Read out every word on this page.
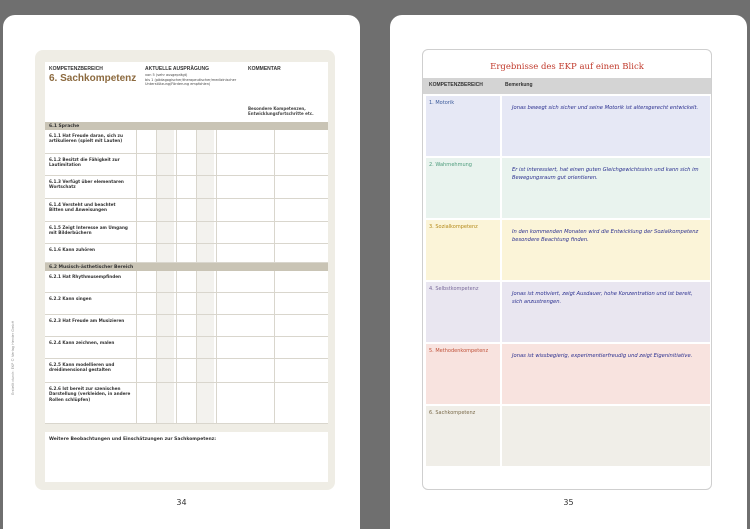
Erstellt durch: EKP © Verlag Herder GmbH
KOMPETENZBEREICH
6. Sachkompetenz
AKTUELLE AUSPRÄGUNG
von 5 (sehr ausgeprägt)
bis 1 (pädagogischer/therapeutischer/medizinischer Unterstützung/Förderung empfohlen)
KOMMENTAR
Besondere Kompetenzen, Entwicklungsfortschritte etc.
6.1 Sprache
6.1.1 Hat Freude daran, sich zu artikulieren (spielt mit Lauten)
6.1.2 Besitzt die Fähigkeit zur Lautimitation
6.1.3 Verfügt über elementaren Wortschatz
6.1.4 Versteht und beachtet Bitten und Anweisungen
6.1.5 Zeigt Interesse am Umgang mit Bilderbüchern
6.1.6 Kann zuhören
6.2 Musisch-ästhetischer Bereich
6.2.1 Hat Rhythmusempfinden
6.2.2 Kann singen
6.2.3 Hat Freude am Musizieren
6.2.4 Kann zeichnen, malen
6.2.5 Kann modellieren und dreidimensional gestalten
6.2.6 Ist bereit zur szenischen Darstellung (verkleiden, in andere Rollen schlüpfen)
Weitere Beobachtungen und Einschätzungen zur Sachkompetenz:
34
Ergebnisse des EKP auf einen Blick
KOMPETENZBEREICH	Bemerkung
1. Motorik
Jonas bewegt sich sicher und seine Motorik ist altersgerecht entwickelt.
2. Wahrnehmung
Er ist interessiert, hat einen guten Gleichgewichtssinn und kann sich im Bewegungsraum gut orientieren.
3. Sozialkompetenz
In den kommenden Monaten wird die Entwicklung der Sozialkompetenz besondere Beachtung finden.
4. Selbstkompetenz
Jonas ist motiviert, zeigt Ausdauer, hohe Konzentration und ist bereit, sich anzustrengen.
5. Methodenkompetenz
Jonas ist wissbegierig, experimentierfreudig und zeigt Eigeninitiative.
6. Sachkompetenz
35
